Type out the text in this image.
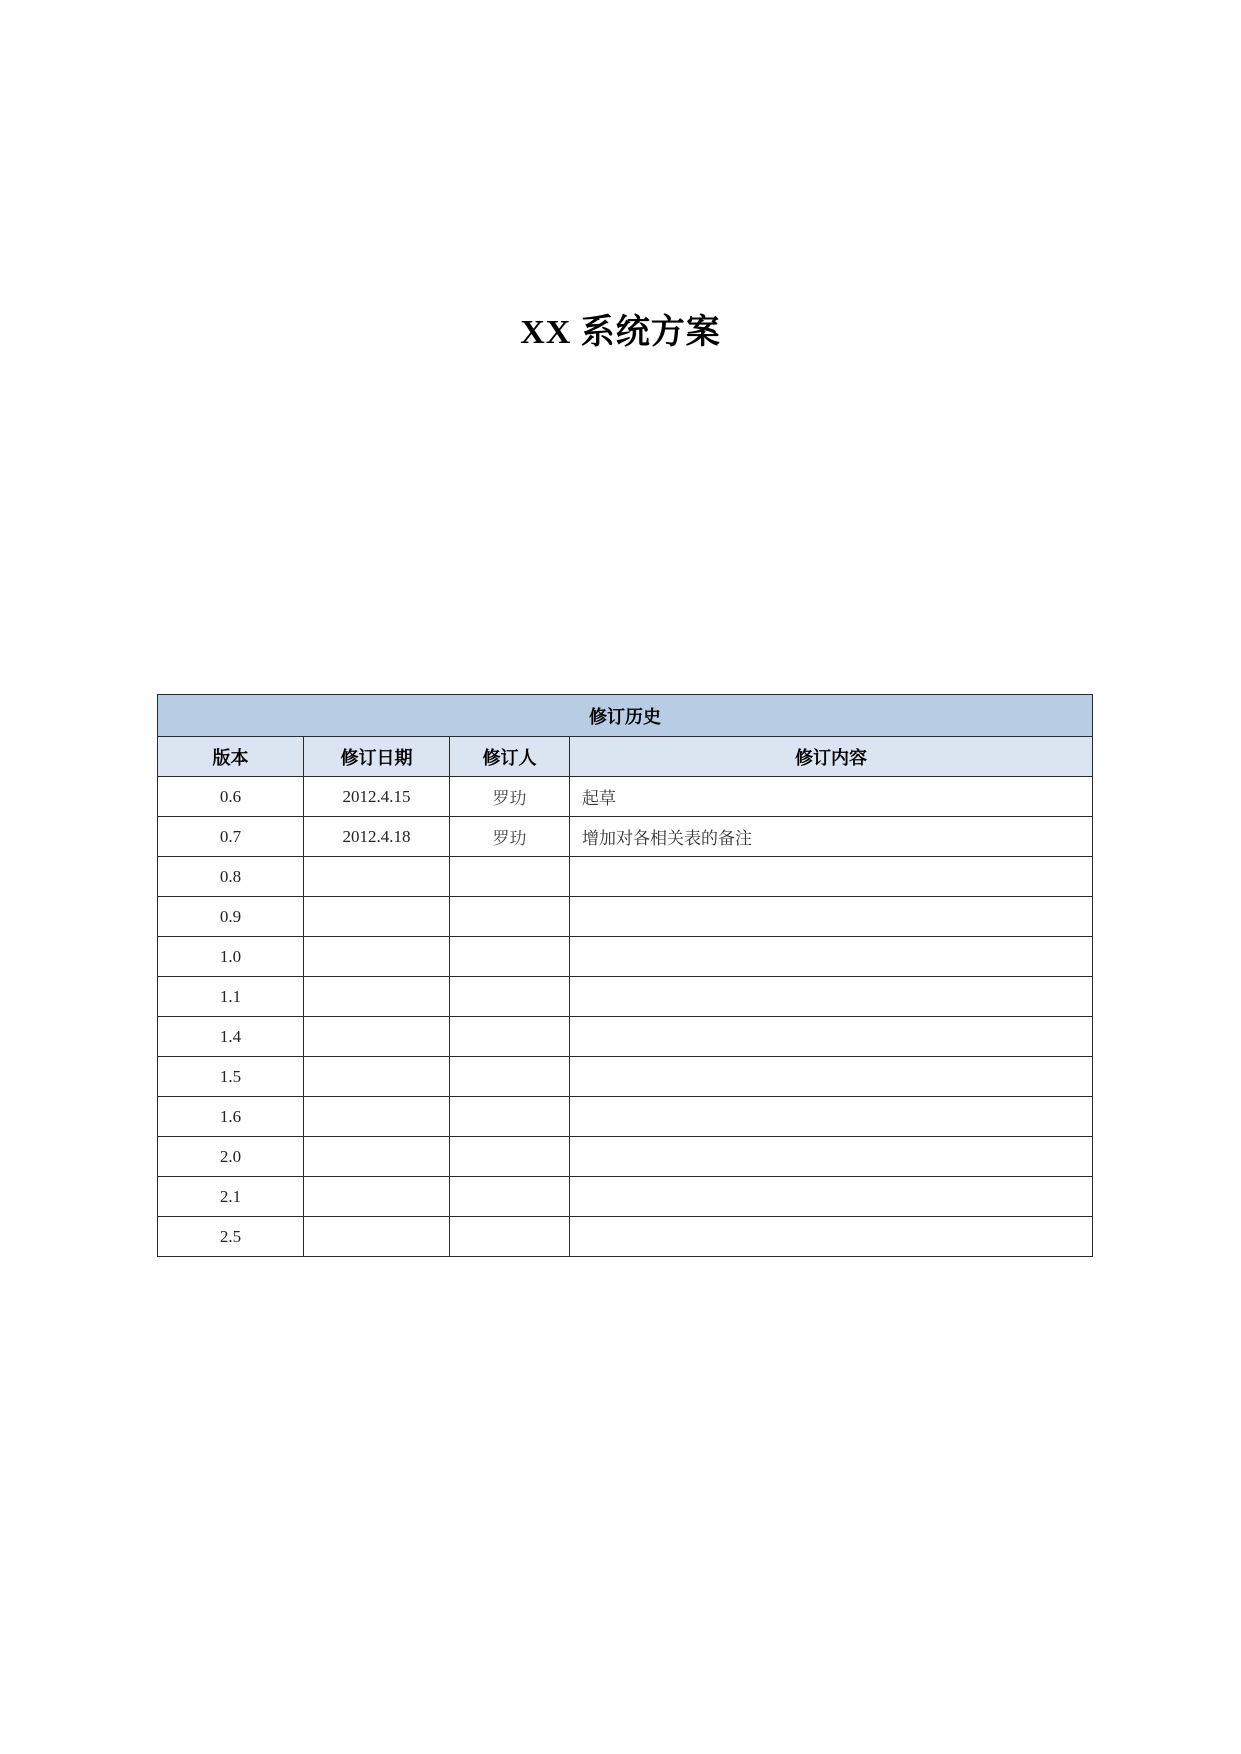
XX 系统方案
修订历史			
版本	修订日期	修订人	修订内容
0.6	2012.4.15	罗玏	起草
0.7	2012.4.18	罗玏	增加对各相关表的备注
0.8			
0.9			
1.0			
1.1			
1.4			
1.5			
1.6			
2.0			
2.1			
2.5			
